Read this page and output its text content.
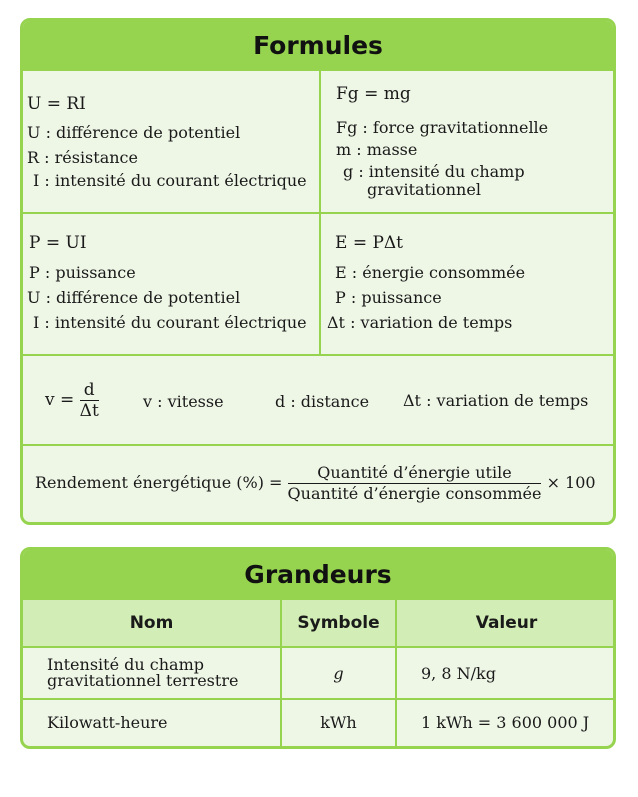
Formules
U = RI
U : différence de potentiel
R : résistance
I : intensité du courant électrique
Fg = mg
Fg : force gravitationnelle
m : masse
g : intensité du champ
gravitationnel
P = UI
P : puissance
U : différence de potentiel
I : intensité du courant électrique
E = PΔt
E : énergie consommée
P : puissance
Δt : variation de temps
$v = \frac{d}{\Delta t}$	v : vitesse	d : distance Δt : variation de temps
Rendement énergétique (%) = $\frac{\text{Quantité d’énergie utile}}{\text{Quantité d’énergie consommée}} \times 100$
Grandeurs
Nom	Symbole	Valeur
Intensité du champ
gravitationnel terrestre	g	9, 8 N/kg
Kilowatt-heure	kWh	1 kWh = 3 600 000 J
